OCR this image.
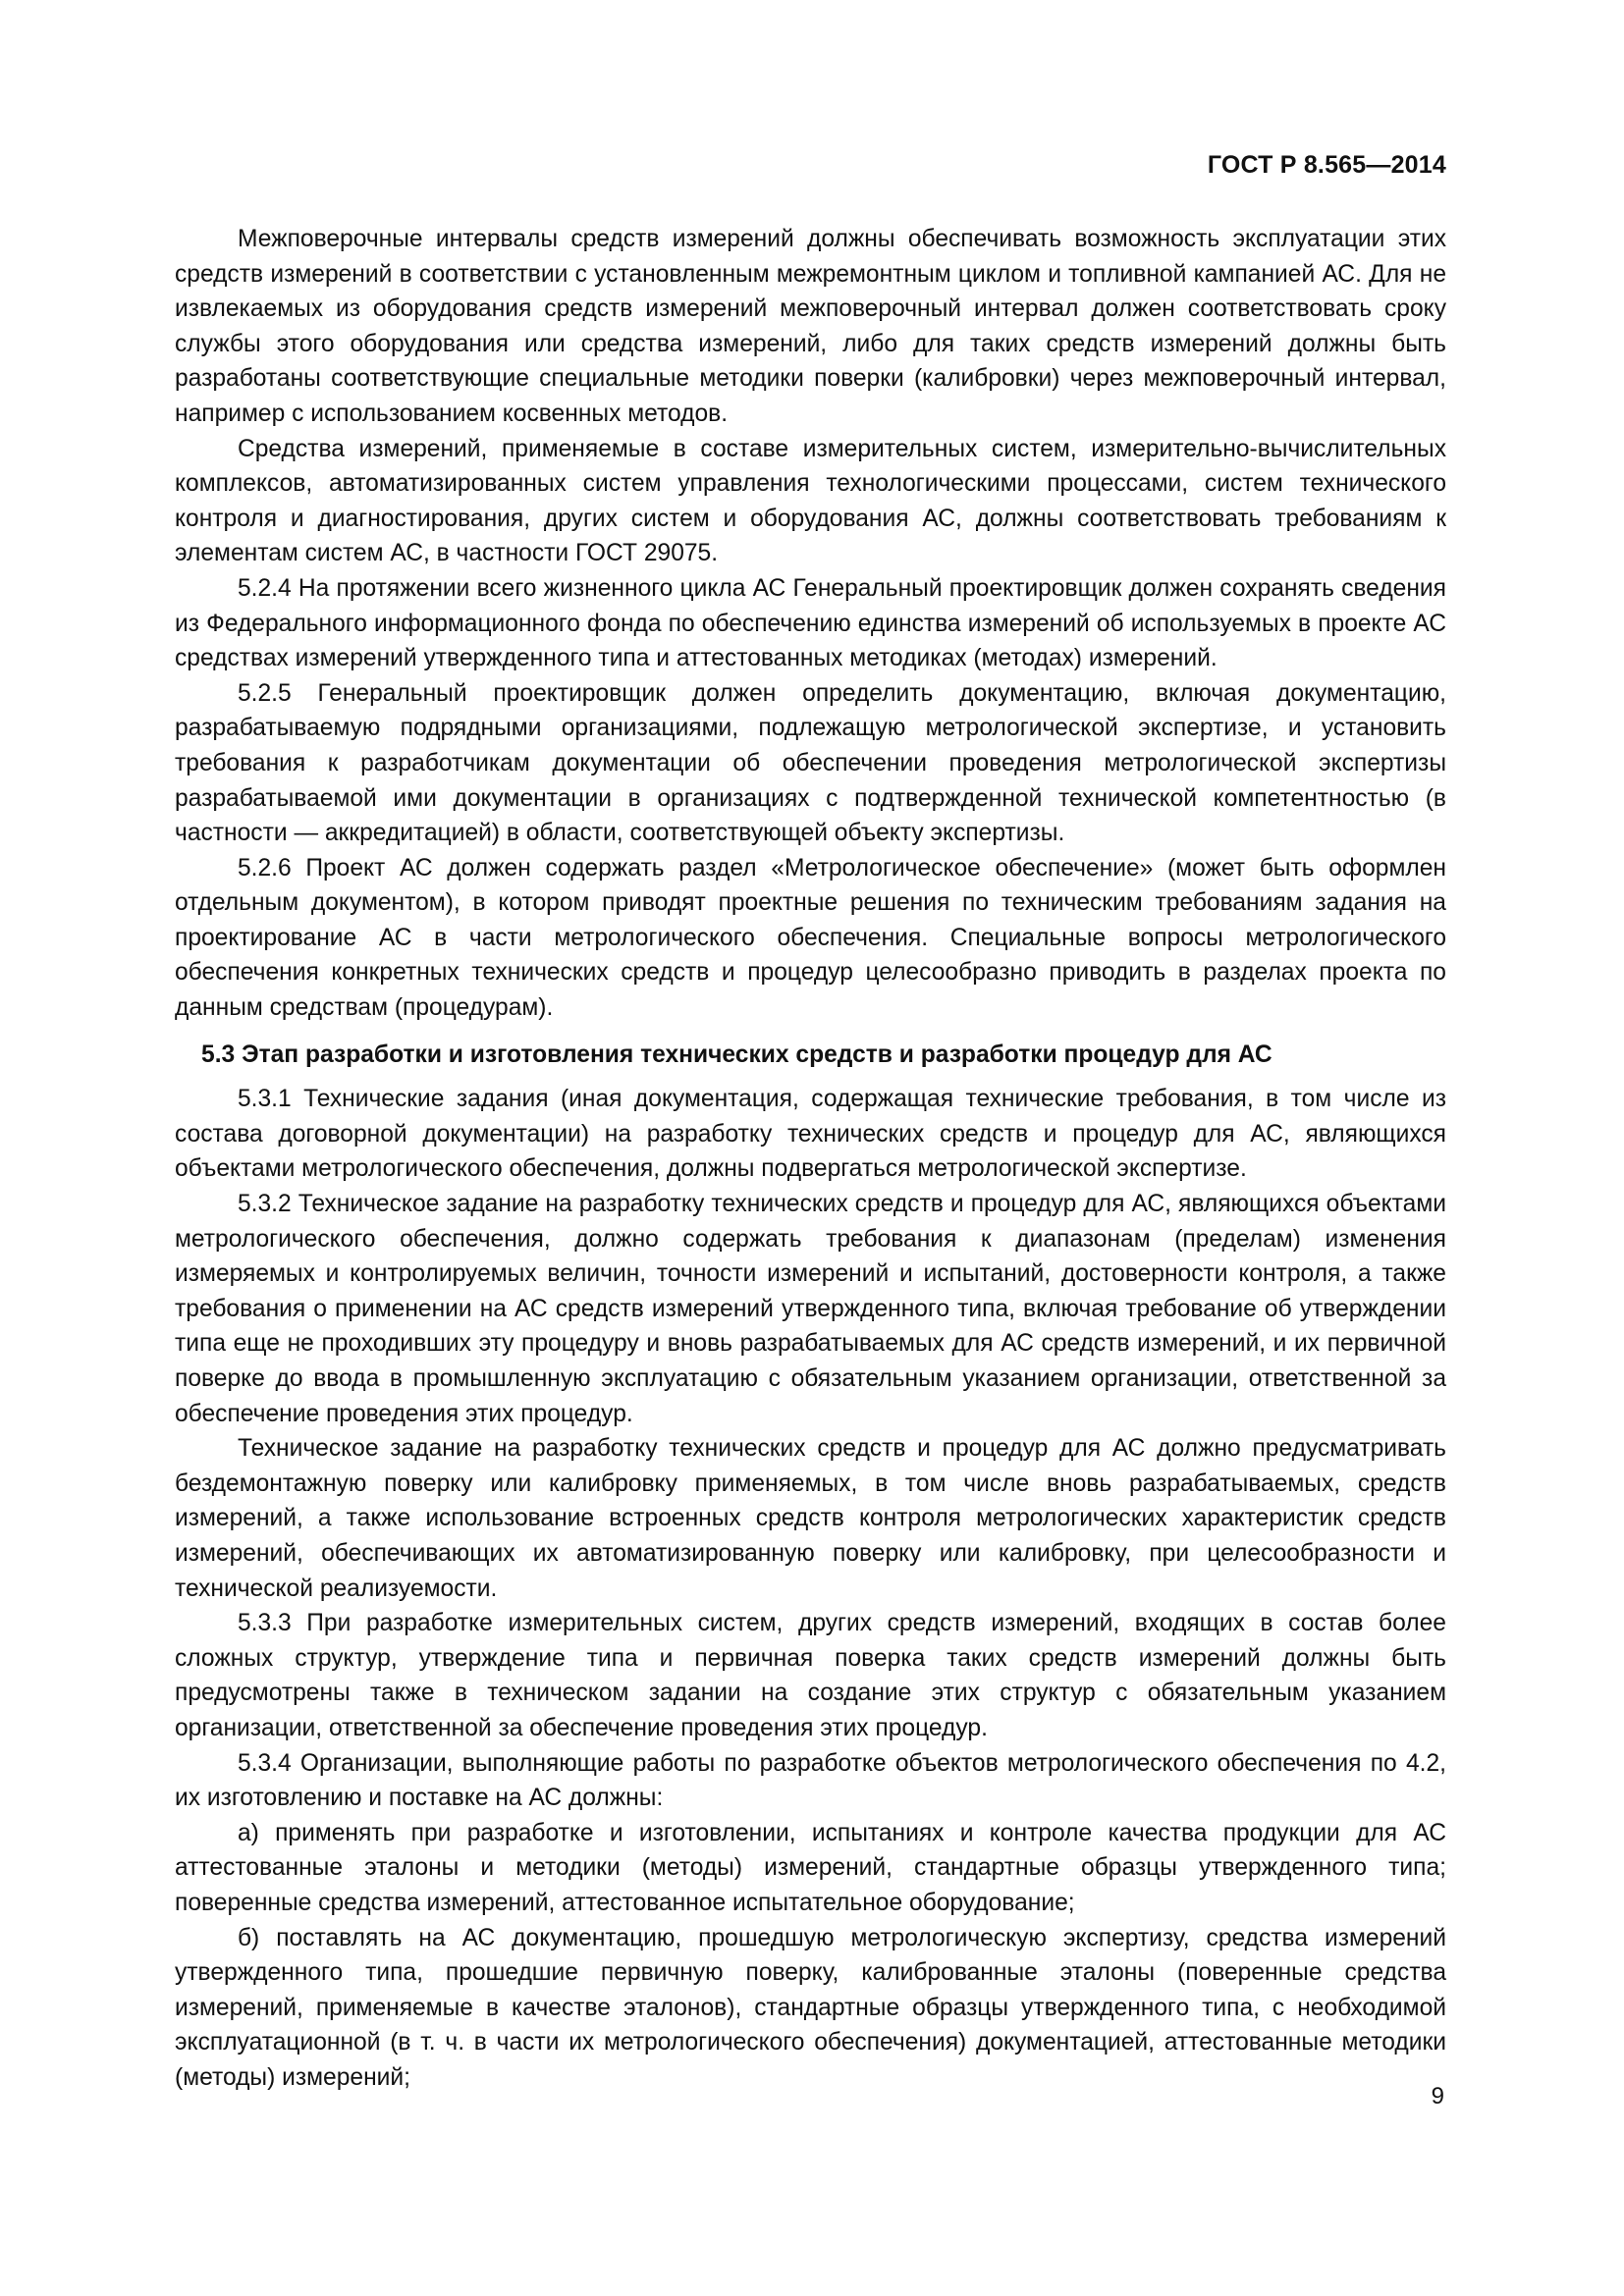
ГОСТ Р 8.565—2014

Межповерочные интервалы средств измерений должны обеспечивать возможность эксплуатации этих средств измерений в соответствии с установленным межремонтным циклом и топливной кампанией АС. Для не извлекаемых из оборудования средств измерений межповерочный интервал должен соответствовать сроку службы этого оборудования или средства измерений, либо для таких средств измерений должны быть разработаны соответствующие специальные методики поверки (калибровки) через межповерочный интервал, например с использованием косвенных методов.

Средства измерений, применяемые в составе измерительных систем, измерительно-вычислительных комплексов, автоматизированных систем управления технологическими процессами, систем технического контроля и диагностирования, других систем и оборудования АС, должны соответствовать требованиям к элементам систем АС, в частности ГОСТ 29075.

5.2.4 На протяжении всего жизненного цикла АС Генеральный проектировщик должен сохранять сведения из Федерального информационного фонда по обеспечению единства измерений об используемых в проекте АС средствах измерений утвержденного типа и аттестованных методиках (методах) измерений.

5.2.5 Генеральный проектировщик должен определить документацию, включая документацию, разрабатываемую подрядными организациями, подлежащую метрологической экспертизе, и установить требования к разработчикам документации об обеспечении проведения метрологической экспертизы разрабатываемой ими документации в организациях с подтвержденной технической компетентностью (в частности — аккредитацией) в области, соответствующей объекту экспертизы.

5.2.6 Проект АС должен содержать раздел «Метрологическое обеспечение» (может быть оформлен отдельным документом), в котором приводят проектные решения по техническим требованиям задания на проектирование АС в части метрологического обеспечения. Специальные вопросы метрологического обеспечения конкретных технических средств и процедур целесообразно приводить в разделах проекта по данным средствам (процедурам).

5.3 Этап разработки и изготовления технических средств и разработки процедур для АС

5.3.1 Технические задания (иная документация, содержащая технические требования, в том числе из состава договорной документации) на разработку технических средств и процедур для АС, являющихся объектами метрологического обеспечения, должны подвергаться метрологической экспертизе.

5.3.2 Техническое задание на разработку технических средств и процедур для АС, являющихся объектами метрологического обеспечения, должно содержать требования к диапазонам (пределам) изменения измеряемых и контролируемых величин, точности измерений и испытаний, достоверности контроля, а также требования о применении на АС средств измерений утвержденного типа, включая требование об утверждении типа еще не проходивших эту процедуру и вновь разрабатываемых для АС средств измерений, и их первичной поверке до ввода в промышленную эксплуатацию с обязательным указанием организации, ответственной за обеспечение проведения этих процедур.

Техническое задание на разработку технических средств и процедур для АС должно предусматривать бездемонтажную поверку или калибровку применяемых, в том числе вновь разрабатываемых, средств измерений, а также использование встроенных средств контроля метрологических характеристик средств измерений, обеспечивающих их автоматизированную поверку или калибровку, при целесообразности и технической реализуемости.

5.3.3 При разработке измерительных систем, других средств измерений, входящих в состав более сложных структур, утверждение типа и первичная поверка таких средств измерений должны быть предусмотрены также в техническом задании на создание этих структур с обязательным указанием организации, ответственной за обеспечение проведения этих процедур.

5.3.4 Организации, выполняющие работы по разработке объектов метрологического обеспечения по 4.2, их изготовлению и поставке на АС должны:

а) применять при разработке и изготовлении, испытаниях и контроле качества продукции для АС аттестованные эталоны и методики (методы) измерений, стандартные образцы утвержденного типа; поверенные средства измерений, аттестованное испытательное оборудование;

б) поставлять на АС документацию, прошедшую метрологическую экспертизу, средства измерений утвержденного типа, прошедшие первичную поверку, калиброванные эталоны (поверенные средства измерений, применяемые в качестве эталонов), стандартные образцы утвержденного типа, с необходимой эксплуатационной (в т. ч. в части их метрологического обеспечения) документацией, аттестованные методики (методы) измерений;

9
